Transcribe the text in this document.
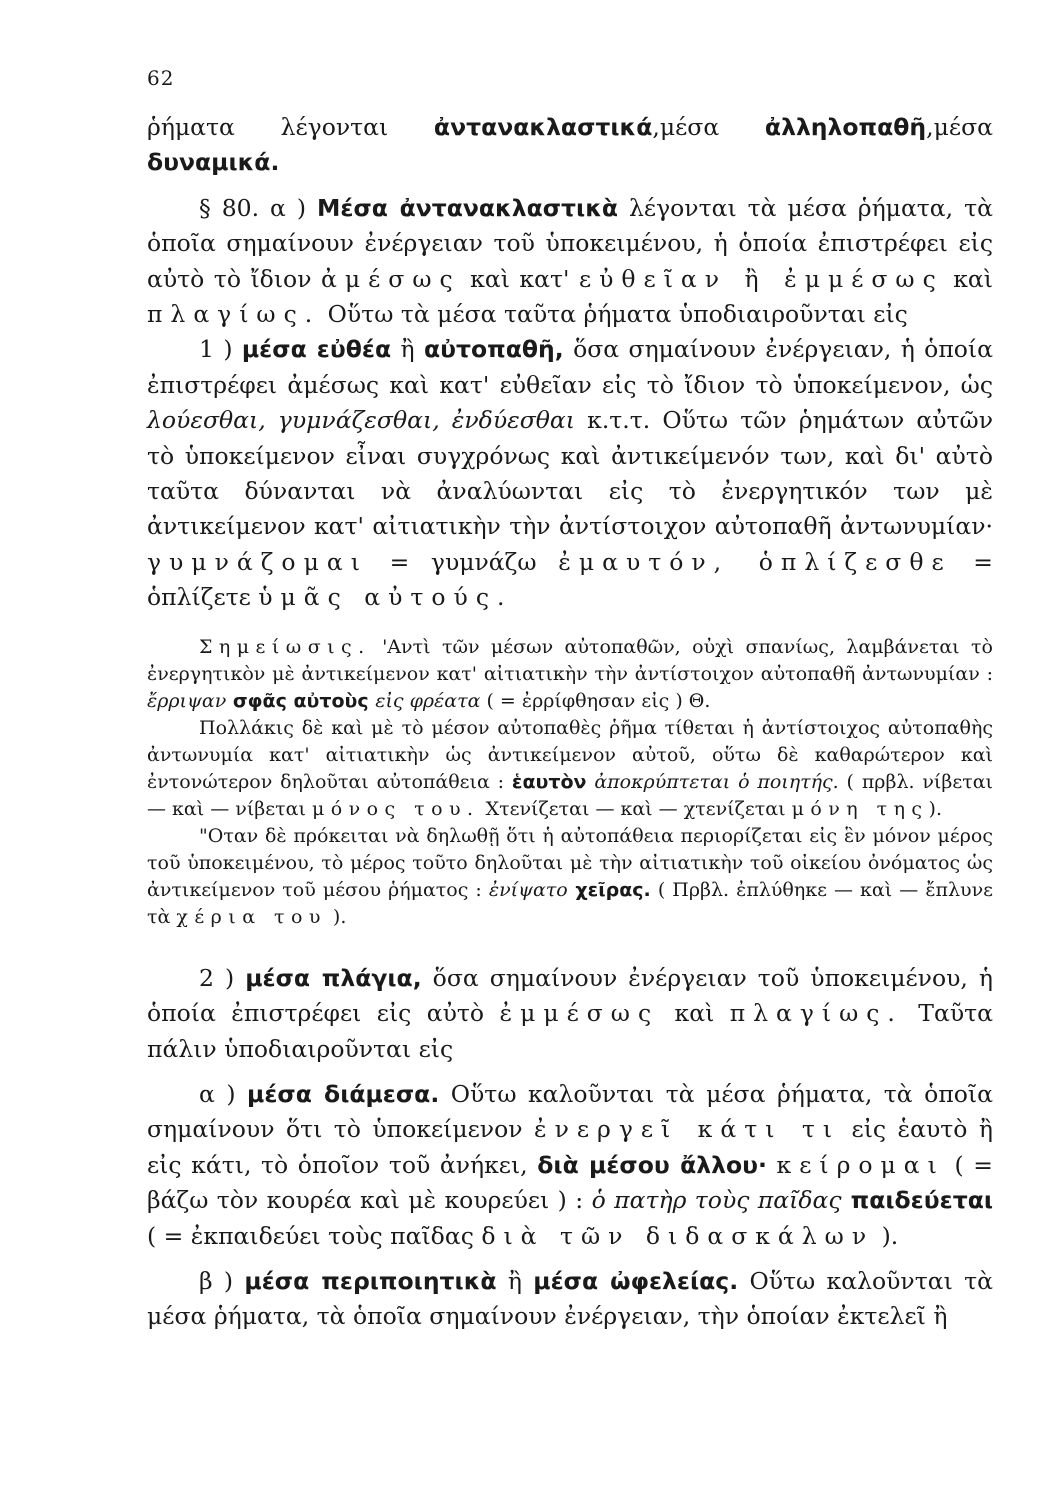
62

ῥήματα λέγονται ἀντανακλαστικά,μέσα ἀλληλοπαθῆ,μέσα δυναμικά.

§ 80. α ) Μέσα ἀντανακλαστικὰ λέγονται τὰ μέσα ῥήματα, τὰ ὁποῖα σημαίνουν ἐνέργειαν τοῦ ὑποκειμένου, ἡ ὁποία ἐπιστρέφει εἰς αὐτὸ τὸ ἴδιον ἀμέσως καὶ κατ' εὐθεῖαν ἢ ἐμμέσως καὶ πλαγίως. Οὕτω τὰ μέσα ταῦτα ῥήματα ὑποδιαιροῦνται εἰς

1 ) μέσα εὐθέα ἢ αὐτοπαθῆ, ὅσα σημαίνουν ἐνέργειαν, ἡ ὁποία ἐπιστρέφει ἀμέσως καὶ κατ' εὐθεῖαν εἰς τὸ ἴδιον τὸ ὑποκείμενον, ὡς λούεσθαι, γυμνάζεσθαι, ἐνδύεσθαι κ.τ.τ. Οὕτω τῶν ῥημάτων αὐτῶν τὸ ὑποκείμενον εἶναι συγχρόνως καὶ ἀντικείμενόν των, καὶ δι' αὐτὸ ταῦτα δύνανται νὰ ἀναλύωνται εἰς τὸ ἐνεργητικόν των μὲ ἀντικείμενον κατ' αἰτιατικὴν τὴν ἀντίστοιχον αὐτοπαθῆ ἀντωνυμίαν· γυμνάζομαι = γυμνάζω ἐμαυτόν, ὁπλίζεσθε = ὁπλίζετε ὑμᾶς αὐτούς.

Σημείωσις. 'Αντὶ τῶν μέσων αὐτοπαθῶν, οὐχὶ σπανίως, λαμβάνεται τὸ ἐνεργητικὸν μὲ ἀντικείμενον κατ' αἰτιατικὴν τὴν ἀντίστοιχον αὐτοπαθῆ ἀντωνυμίαν : ἔρριψαν σφᾶς αὐτοὺς εἰς φρέατα ( = ἐρρίφθησαν εἰς ) Θ.

Πολλάκις δὲ καὶ μὲ τὸ μέσον αὐτοπαθὲς ῥῆμα τίθεται ἡ ἀντίστοιχος αὐτοπαθὴς ἀντωνυμία κατ' αἰτιατικὴν ὡς ἀντικείμενον αὐτοῦ, οὕτω δὲ καθαρώτερον καὶ ἐντονώτερον δηλοῦται αὐτοπάθεια : ἑαυτὸν ἀποκρύπτεται ὁ ποιητής. ( πρβλ. νίβεται — καὶ — νίβεται μόνος του. Χτενίζεται — καὶ — χτενίζεται μόνη της).

"Οταν δὲ πρόκειται νὰ δηλωθῇ ὅτι ἡ αὐτοπάθεια περιορίζεται εἰς ἓν μόνον μέρος τοῦ ὑποκειμένου, τὸ μέρος τοῦτο δηλοῦται μὲ τὴν αἰτιατικὴν τοῦ οἰκείου ὀνόματος ὡς ἀντικείμενον τοῦ μέσου ῥήματος : ἐνίψατο χεῖρας. ( Πρβλ. ἐπλύθηκε — καὶ — ἔπλυνε τὰ χέρια του ).

2 ) μέσα πλάγια, ὅσα σημαίνουν ἐνέργειαν τοῦ ὑποκειμένου, ἡ ὁποία ἐπιστρέφει εἰς αὐτὸ ἐμμέσως καὶ πλαγίως. Ταῦτα πάλιν ὑποδιαιροῦνται εἰς

α ) μέσα διάμεσα. Οὕτω καλοῦνται τὰ μέσα ῥήματα, τὰ ὁποῖα σημαίνουν ὅτι τὸ ὑποκείμενον ἐνεργεῖ κάτι τι εἰς ἑαυτὸ ἢ εἰς κάτι, τὸ ὁποῖον τοῦ ἀνήκει, διὰ μέσου ἄλλου· κείρομαι ( = βάζω τὸν κουρέα καὶ μὲ κουρεύει ) : ὁ πατὴρ τοὺς παῖδας παιδεύεται ( = ἐκπαιδεύει τοὺς παῖδας διὰ τῶν διδασκάλων ).

β ) μέσα περιποιητικὰ ἢ μέσα ὠφελείας. Οὕτω καλοῦνται τὰ μέσα ῥήματα, τὰ ὁποῖα σημαίνουν ἐνέργειαν, τὴν ὁποίαν ἐκτελεῖ ἢ
